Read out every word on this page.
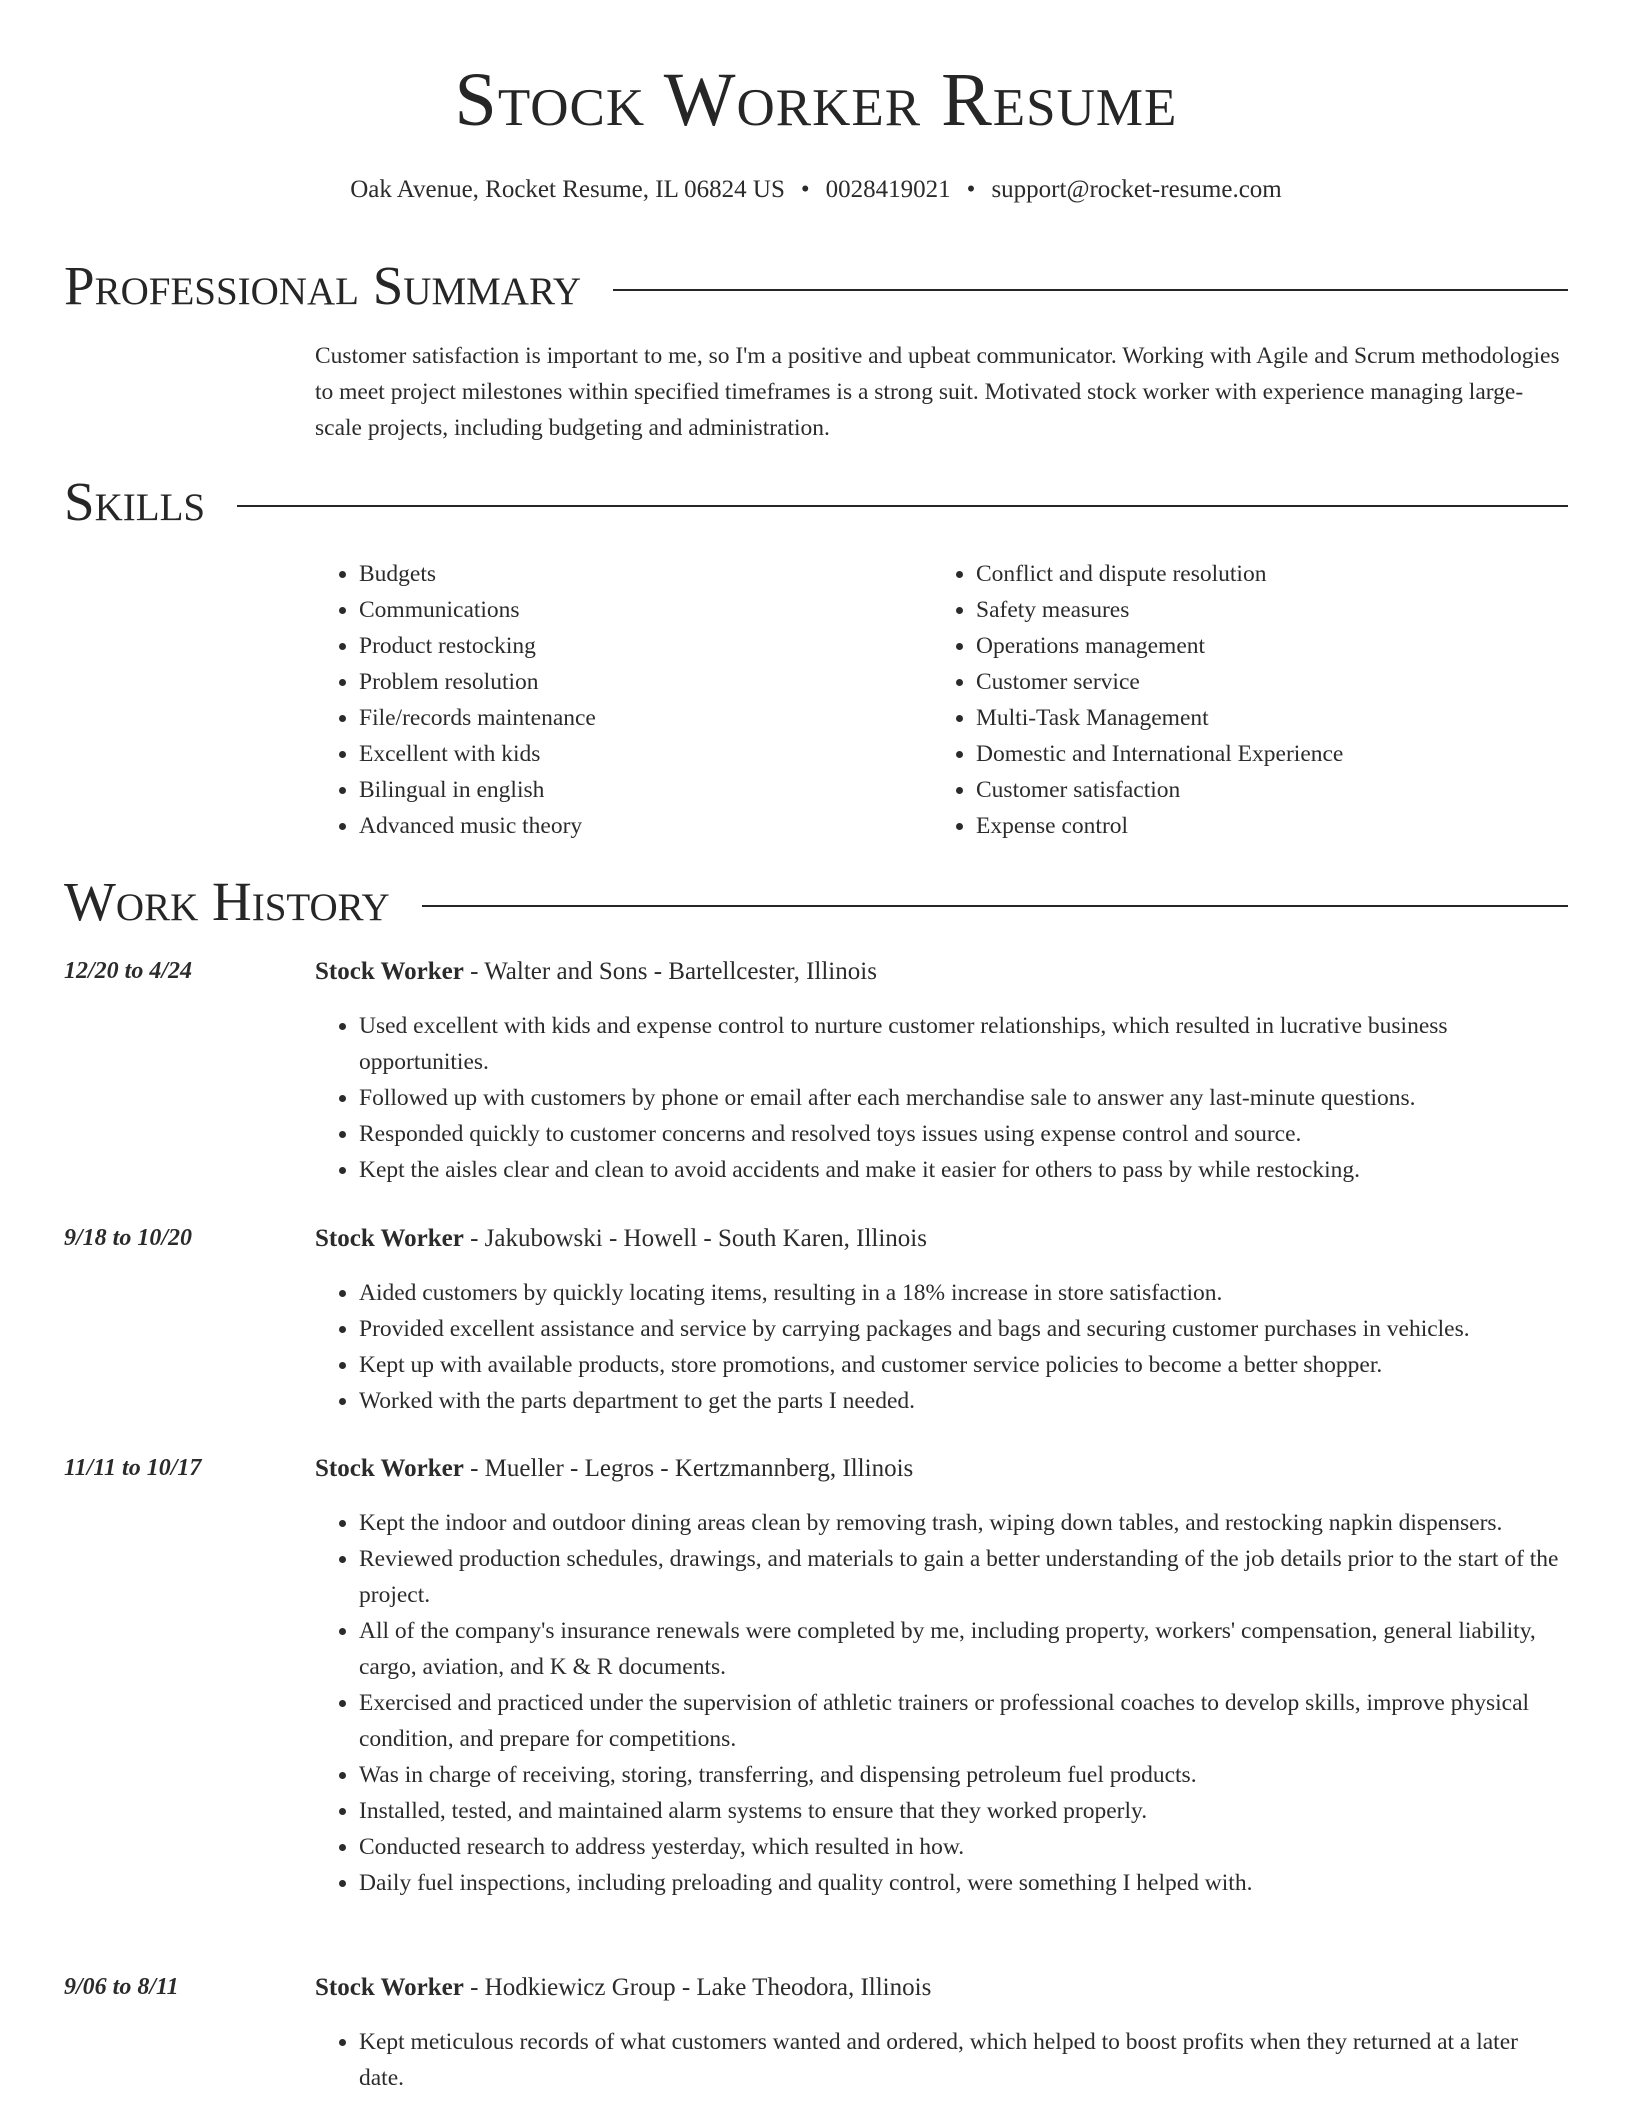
Stock Worker Resume
Oak Avenue, Rocket Resume, IL 06824 US • 0028419021 • support@rocket-resume.com
Professional Summary
Customer satisfaction is important to me, so I'm a positive and upbeat communicator. Working with Agile and Scrum methodologies to meet project milestones within specified timeframes is a strong suit. Motivated stock worker with experience managing large-scale projects, including budgeting and administration.
Skills
• Budgets
• Communications
• Product restocking
• Problem resolution
• File/records maintenance
• Excellent with kids
• Bilingual in english
• Advanced music theory
• Conflict and dispute resolution
• Safety measures
• Operations management
• Customer service
• Multi-Task Management
• Domestic and International Experience
• Customer satisfaction
• Expense control
Work History
12/20 to 4/24	Stock Worker - Walter and Sons - Bartellcester, Illinois
• Used excellent with kids and expense control to nurture customer relationships, which resulted in lucrative business opportunities.
• Followed up with customers by phone or email after each merchandise sale to answer any last-minute questions.
• Responded quickly to customer concerns and resolved toys issues using expense control and source.
• Kept the aisles clear and clean to avoid accidents and make it easier for others to pass by while restocking.
9/18 to 10/20	Stock Worker - Jakubowski - Howell - South Karen, Illinois
• Aided customers by quickly locating items, resulting in a 18% increase in store satisfaction.
• Provided excellent assistance and service by carrying packages and bags and securing customer purchases in vehicles.
• Kept up with available products, store promotions, and customer service policies to become a better shopper.
• Worked with the parts department to get the parts I needed.
11/11 to 10/17	Stock Worker - Mueller - Legros - Kertzmannberg, Illinois
• Kept the indoor and outdoor dining areas clean by removing trash, wiping down tables, and restocking napkin dispensers.
• Reviewed production schedules, drawings, and materials to gain a better understanding of the job details prior to the start of the project.
• All of the company's insurance renewals were completed by me, including property, workers' compensation, general liability, cargo, aviation, and K & R documents.
• Exercised and practiced under the supervision of athletic trainers or professional coaches to develop skills, improve physical condition, and prepare for competitions.
• Was in charge of receiving, storing, transferring, and dispensing petroleum fuel products.
• Installed, tested, and maintained alarm systems to ensure that they worked properly.
• Conducted research to address yesterday, which resulted in how.
• Daily fuel inspections, including preloading and quality control, were something I helped with.
9/06 to 8/11	Stock Worker - Hodkiewicz Group - Lake Theodora, Illinois
• Kept meticulous records of what customers wanted and ordered, which helped to boost profits when they returned at a later date.
